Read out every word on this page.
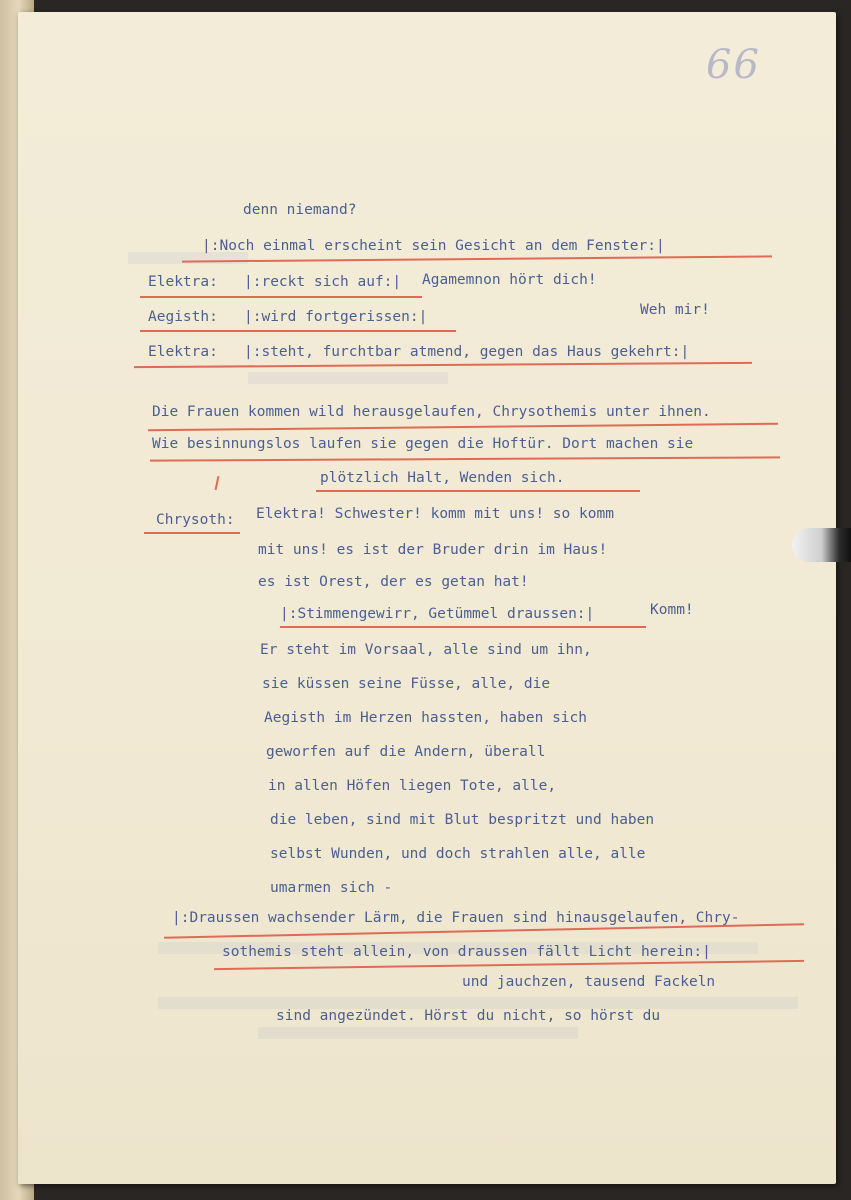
66
denn niemand?
|:Noch einmal erscheint sein Gesicht an dem Fenster:|
Elektra: |:reckt sich auf:| Agamemnon hört dich!
Aegisth: |:wird fortgerissen:|	Weh mir!
Elektra: |:steht, furchtbar atmend, gegen das Haus gekehrt:|
Die Frauen kommen wild herausgelaufen, Chrysothemis unter ihnen.
Wie besinnungslos laufen sie gegen die Hoftür. Dort machen sie
plötzlich Halt, Wenden sich.
Chrysoth: Elektra! Schwester! komm mit uns! so komm
mit uns! es ist der Bruder drin im Haus!
es ist Orest, der es getan hat!
|:Stimmengewirr, Getümmel draussen:|	Komm!
Er steht im Vorsaal, alle sind um ihn,
sie küssen seine Füsse, alle, die
Aegisth im Herzen hassten, haben sich
geworfen auf die Andern, überall
in allen Höfen liegen Tote, alle,
die leben, sind mit Blut bespritzt und haben
selbst Wunden, und doch strahlen alle, alle
umarmen sich -
|:Draussen wachsender Lärm, die Frauen sind hinausgelaufen, Chry-
sothemis steht allein, von draussen fällt Licht herein:|
und jauchzen, tausend Fackeln
sind angezündet. Hörst du nicht, so hörst du
